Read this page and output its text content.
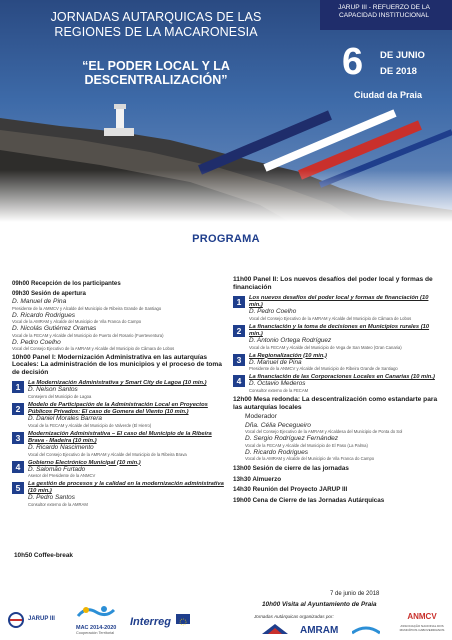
JORNADAS AUTARQUICAS DE LAS
REGIONES DE LA MACARONESIA
“EL PODER LOCAL Y LA
DESCENTRALIZACIÓN”
JARUP III - REFUERZO DE LA
CAPACIDAD INSTITUCIONAL
6 DE JUNIO
DE 2018
Ciudad da Praia
PROGRAMA
09h00 Recepción de los participantes
09h30 Sesión de apertura
D. Manuel de Pina
Presidente de la AMMCV y Alcalde del Municipio de Ribeira Grande de Santiago
D. Ricardo Rodrigues
Vocal de la AMRAM y Alcalde del Municipio de Vila Franca do Campo
D. Nicolás Gutiérrez Oramas
Vocal de la FECAM y Alcalde del Municipio de Puerto del Rosario (Fuerteventura)
D. Pedro Coelho
Vocal del Consejo Ejecutivo de la AMRAM y Alcalde del Municipio de Câmara de Lobos
10h00 Panel I: Modernización Administrativa en las autarquías Locales: La administración de los municipios y el proceso de toma de decisión
1	La Modernización Administrativa y Smart City de Lagoa (10 min.)
D. Nelson Santos
Consejero del Municipio de Lagoa
2	Modelo de Participación de la Administración Local en Proyectos Públicos Privados: El caso de Gomera del Viento (10 min.)
D. Daniel Morales Barrera
Vocal de la FECAM y Alcalde del Municipio de Valverde (El Hierro)
3	Modernización Administrativa – El caso del Municipio de la Ribeira Brava - Madeira (10 min.)
D. Ricardo Nascimento
Vocal del Consejo Ejecutivo de la AMRAM y Alcalde del Municipio de la Ribeira Brava
4	Gobierno Electrónico Municipal (10 min.)
D. Salomão Furtado
Asesor del Presidente de la ANMCV
5	La gestión de procesos y la calidad en la modernización administrativa (10 min.)
D. Pedro Santos
Consultor externo de la AMRAM
10h50 Coffee-break
11h00 Panel II: Los nuevos desafíos del poder local y formas de financiación
1	Los nuevos desafíos del poder local y formas de financiación (10 min.)
D. Pedro Coelho
Vocal del Consejo Ejecutivo de la AMRAM y Alcalde del Municipio de Câmara de Lobos
2	La financiación y la toma de decisiones en Municipios rurales (10 min.)
D. Antonio Ortega Rodríguez
Vocal de la FECAM y Alcalde del Municipio de Vega de San Mateo (Gran Canaria)
3	La Regionalización (10 min.)
D. Manuel de Pina
Presidente de la ANMCV y Alcalde del Municipio de Ribeira Grande de Santiago
4	La financiación de las Corporaciones Locales en Canarias (10 min.)
D. Octavio Mederos
Consultor externo de la FECAM
12h00 Mesa redonda: La descentralización como estandarte para las autarquías locales
Moderador
Dña. Célia Pecegueiro
Vocal del Consejo Ejecutivo de la AMRAM y Alcaldesa del Municipio de Ponta do Sol
D. Sergio Rodríguez Fernández
Vocal de la FECAM y Alcalde del Municipio de El Paso (La Palma)
D. Ricardo Rodrigues
Vocal de la AMRAM y Alcalde del Municipio de Vila Franca do Campo
13h00 Sesión de cierre de las jornadas
13h30 Almuerzo
14h30 Reunión del Proyecto JARUP III
19h00 Cena de Cierre de las Jornadas Autárquicas
7 de junio de 2018
10h00 Visita al Ayuntamiento de Praia
Jornadas Autárquicas organizadas por:
JARUP III
MAC 2014-2020
Cooperación Territorial
Interreg
AMRAM
ANMCV
ASSOCIAÇÃO NACIONAL DOS MUNICÍPIOS CABOVERDIANOS
